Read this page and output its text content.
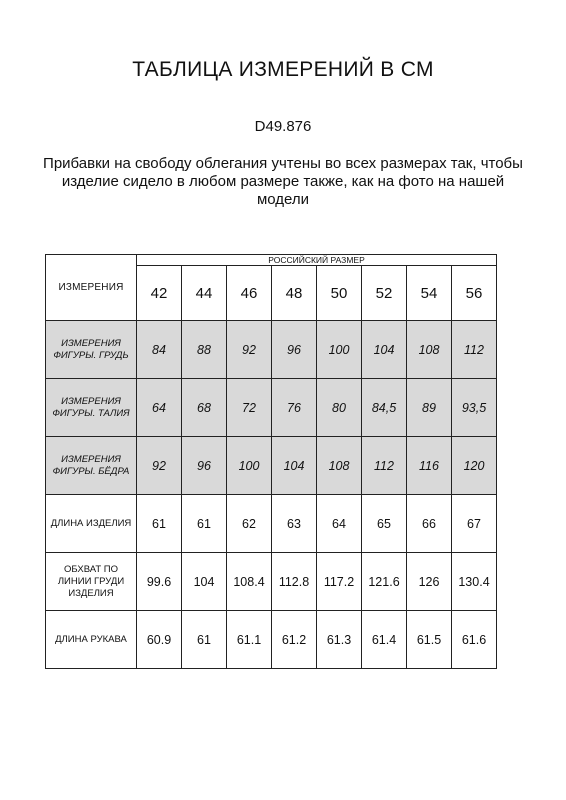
ТАБЛИЦА ИЗМЕРЕНИЙ В СМ
D49.876
Прибавки на свободу облегания учтены во всех размерах так, чтобы изделие сидело в любом размере также, как на фото на нашей модели
ИЗМЕРЕНИЯ	РОССИЙСКИЙ РАЗМЕР							
	42	44	46	48	50	52	54	56
ИЗМЕРЕНИЯ ФИГУРЫ. ГРУДЬ	84	88	92	96	100	104	108	112
ИЗМЕРЕНИЯ ФИГУРЫ. ТАЛИЯ	64	68	72	76	80	84,5	89	93,5
ИЗМЕРЕНИЯ ФИГУРЫ. БЁДРА	92	96	100	104	108	112	116	120
ДЛИНА ИЗДЕЛИЯ	61	61	62	63	64	65	66	67
ОБХВАТ ПО ЛИНИИ ГРУДИ ИЗДЕЛИЯ	99.6	104	108.4	112.8	117.2	121.6	126	130.4
ДЛИНА РУКАВА	60.9	61	61.1	61.2	61.3	61.4	61.5	61.6
